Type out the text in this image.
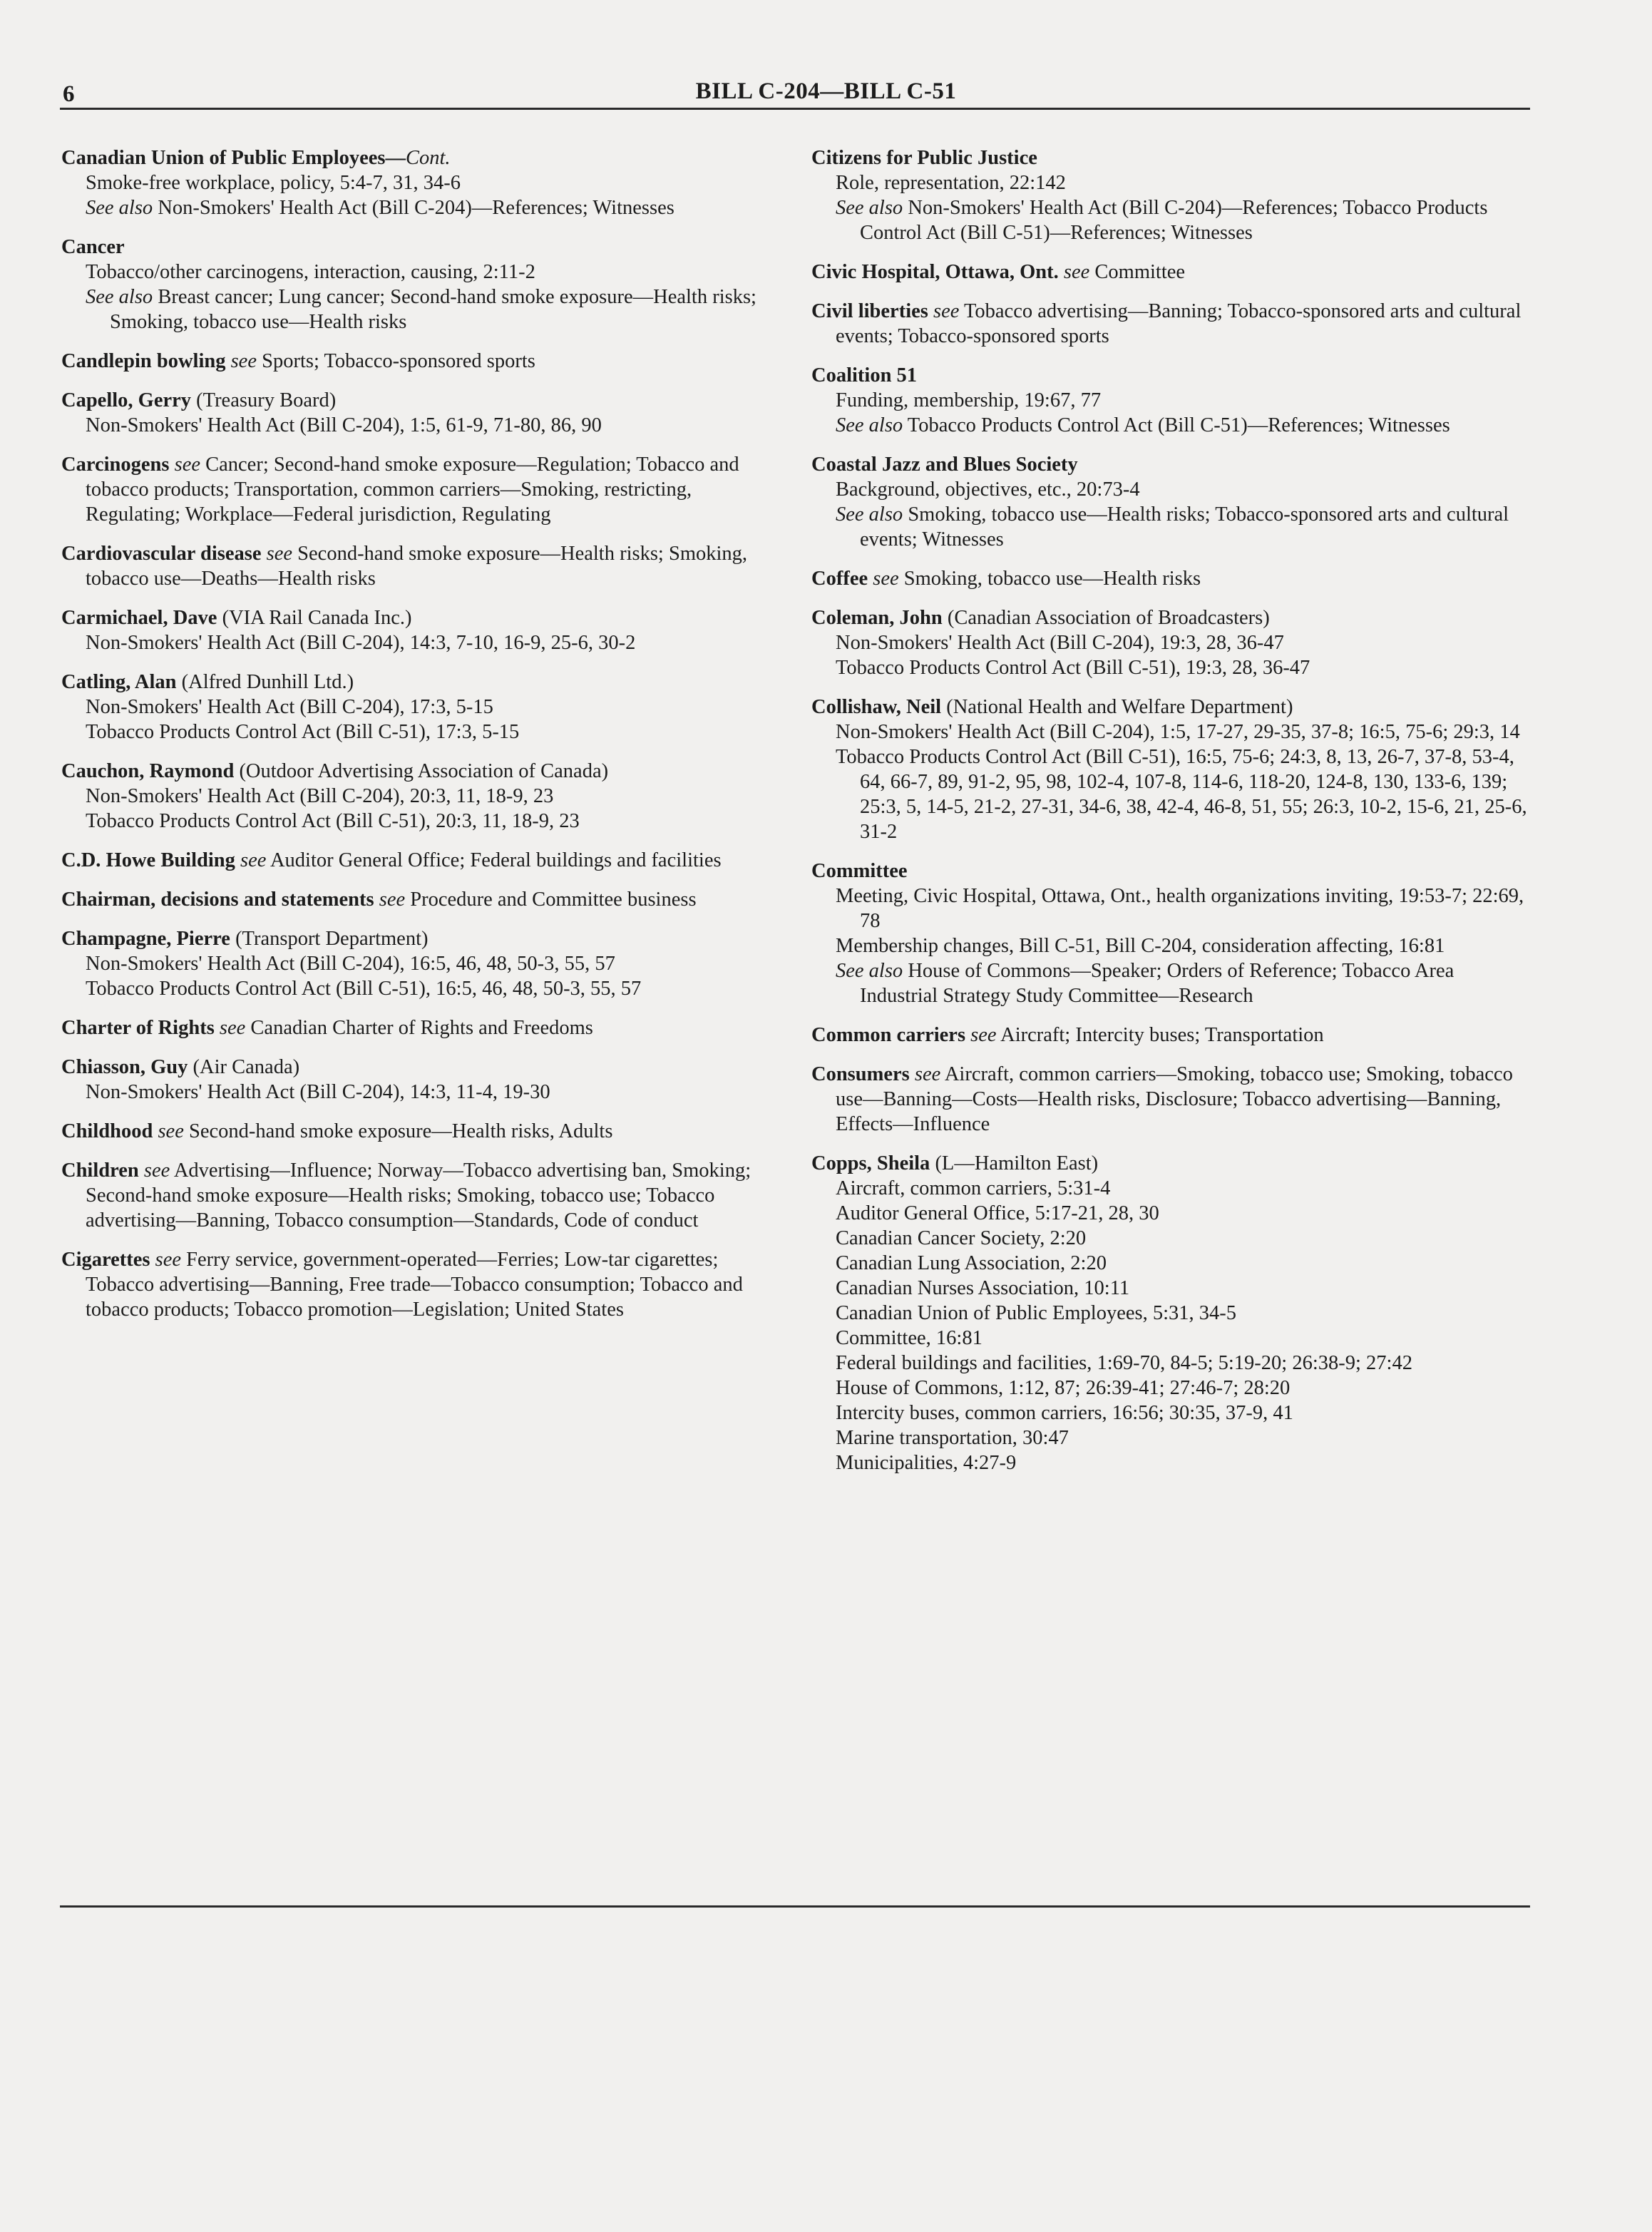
6	BILL C-204—BILL C-51
Canadian Union of Public Employees—Cont.
Smoke-free workplace, policy, 5:4-7, 31, 34-6
See also Non-Smokers' Health Act (Bill C-204)—References; Witnesses
Cancer
Tobacco/other carcinogens, interaction, causing, 2:11-2
See also Breast cancer; Lung cancer; Second-hand smoke exposure—Health risks; Smoking, tobacco use—Health risks
Candlepin bowling see Sports; Tobacco-sponsored sports
Capello, Gerry (Treasury Board)
Non-Smokers' Health Act (Bill C-204), 1:5, 61-9, 71-80, 86, 90
Carcinogens see Cancer; Second-hand smoke exposure—Regulation; Tobacco and tobacco products; Transportation, common carriers—Smoking, restricting, Regulating; Workplace—Federal jurisdiction, Regulating
Cardiovascular disease see Second-hand smoke exposure—Health risks; Smoking, tobacco use—Deaths—Health risks
Carmichael, Dave (VIA Rail Canada Inc.)
Non-Smokers' Health Act (Bill C-204), 14:3, 7-10, 16-9, 25-6, 30-2
Catling, Alan (Alfred Dunhill Ltd.)
Non-Smokers' Health Act (Bill C-204), 17:3, 5-15
Tobacco Products Control Act (Bill C-51), 17:3, 5-15
Cauchon, Raymond (Outdoor Advertising Association of Canada)
Non-Smokers' Health Act (Bill C-204), 20:3, 11, 18-9, 23
Tobacco Products Control Act (Bill C-51), 20:3, 11, 18-9, 23
C.D. Howe Building see Auditor General Office; Federal buildings and facilities
Chairman, decisions and statements see Procedure and Committee business
Champagne, Pierre (Transport Department)
Non-Smokers' Health Act (Bill C-204), 16:5, 46, 48, 50-3, 55, 57
Tobacco Products Control Act (Bill C-51), 16:5, 46, 48, 50-3, 55, 57
Charter of Rights see Canadian Charter of Rights and Freedoms
Chiasson, Guy (Air Canada)
Non-Smokers' Health Act (Bill C-204), 14:3, 11-4, 19-30
Childhood see Second-hand smoke exposure—Health risks, Adults
Children see Advertising—Influence; Norway—Tobacco advertising ban, Smoking; Second-hand smoke exposure—Health risks; Smoking, tobacco use; Tobacco advertising—Banning, Tobacco consumption—Standards, Code of conduct
Cigarettes see Ferry service, government-operated—Ferries; Low-tar cigarettes; Tobacco advertising—Banning, Free trade—Tobacco consumption; Tobacco and tobacco products; Tobacco promotion—Legislation; United States
Citizens for Public Justice
Role, representation, 22:142
See also Non-Smokers' Health Act (Bill C-204)—References; Tobacco Products Control Act (Bill C-51)—References; Witnesses
Civic Hospital, Ottawa, Ont. see Committee
Civil liberties see Tobacco advertising—Banning; Tobacco-sponsored arts and cultural events; Tobacco-sponsored sports
Coalition 51
Funding, membership, 19:67, 77
See also Tobacco Products Control Act (Bill C-51)—References; Witnesses
Coastal Jazz and Blues Society
Background, objectives, etc., 20:73-4
See also Smoking, tobacco use—Health risks; Tobacco-sponsored arts and cultural events; Witnesses
Coffee see Smoking, tobacco use—Health risks
Coleman, John (Canadian Association of Broadcasters)
Non-Smokers' Health Act (Bill C-204), 19:3, 28, 36-47
Tobacco Products Control Act (Bill C-51), 19:3, 28, 36-47
Collishaw, Neil (National Health and Welfare Department)
Non-Smokers' Health Act (Bill C-204), 1:5, 17-27, 29-35, 37-8; 16:5, 75-6; 29:3, 14
Tobacco Products Control Act (Bill C-51), 16:5, 75-6; 24:3, 8, 13, 26-7, 37-8, 53-4, 64, 66-7, 89, 91-2, 95, 98, 102-4, 107-8, 114-6, 118-20, 124-8, 130, 133-6, 139; 25:3, 5, 14-5, 21-2, 27-31, 34-6, 38, 42-4, 46-8, 51, 55; 26:3, 10-2, 15-6, 21, 25-6, 31-2
Committee
Meeting, Civic Hospital, Ottawa, Ont., health organizations inviting, 19:53-7; 22:69, 78
Membership changes, Bill C-51, Bill C-204, consideration affecting, 16:81
See also House of Commons—Speaker; Orders of Reference; Tobacco Area Industrial Strategy Study Committee—Research
Common carriers see Aircraft; Intercity buses; Transportation
Consumers see Aircraft, common carriers—Smoking, tobacco use; Smoking, tobacco use—Banning—Costs—Health risks, Disclosure; Tobacco advertising—Banning, Effects—Influence
Copps, Sheila (L—Hamilton East)
Aircraft, common carriers, 5:31-4
Auditor General Office, 5:17-21, 28, 30
Canadian Cancer Society, 2:20
Canadian Lung Association, 2:20
Canadian Nurses Association, 10:11
Canadian Union of Public Employees, 5:31, 34-5
Committee, 16:81
Federal buildings and facilities, 1:69-70, 84-5; 5:19-20; 26:38-9; 27:42
House of Commons, 1:12, 87; 26:39-41; 27:46-7; 28:20
Intercity buses, common carriers, 16:56; 30:35, 37-9, 41
Marine transportation, 30:47
Municipalities, 4:27-9
